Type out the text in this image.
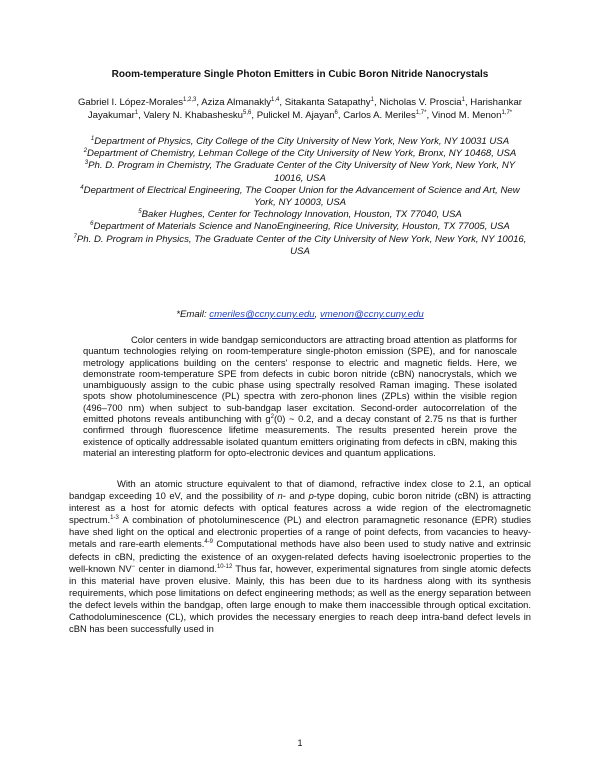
Room-temperature Single Photon Emitters in Cubic Boron Nitride Nanocrystals
Gabriel I. López-Morales$^{1,2,3}$, Aziza Almanakly$^{1,4}$, Sitakanta Satapathy$^1$, Nicholas V. Proscia$^1$, Harishankar Jayakumar$^1$, Valery N. Khabashesku$^{5,6}$, Pulickel M. Ajayan$^6$, Carlos A. Meriles$^{1,7*}$, Vinod M. Menon$^{1,7*}$
$^1$Department of Physics, City College of the City University of New York, New York, NY 10031 USA
$^2$Department of Chemistry, Lehman College of the City University of New York, Bronx, NY 10468, USA
$^3$Ph. D. Program in Chemistry, The Graduate Center of the City University of New York, New York, NY 10016, USA
$^4$Department of Electrical Engineering, The Cooper Union for the Advancement of Science and Art, New York, NY 10003, USA
$^5$Baker Hughes, Center for Technology Innovation, Houston, TX 77040, USA
$^6$Department of Materials Science and NanoEngineering, Rice University, Houston, TX 77005, USA
$^7$Ph. D. Program in Physics, The Graduate Center of the City University of New York, New York, NY 10016, USA
*Email: cmeriles@ccny.cuny.edu, vmenon@ccny.cuny.edu
Color centers in wide bandgap semiconductors are attracting broad attention as platforms for quantum technologies relying on room-temperature single-photon emission (SPE), and for nanoscale metrology applications building on the centers' response to electric and magnetic fields. Here, we demonstrate room-temperature SPE from defects in cubic boron nitride (cBN) nanocrystals, which we unambiguously assign to the cubic phase using spectrally resolved Raman imaging. These isolated spots show photoluminescence (PL) spectra with zero-phonon lines (ZPLs) within the visible region (496–700 nm) when subject to sub-bandgap laser excitation. Second-order autocorrelation of the emitted photons reveals antibunching with $g^2(0)$ ~ 0.2, and a decay constant of 2.75 ns that is further confirmed through fluorescence lifetime measurements. The results presented herein prove the existence of optically addressable isolated quantum emitters originating from defects in cBN, making this material an interesting platform for opto-electronic devices and quantum applications.
With an atomic structure equivalent to that of diamond, refractive index close to 2.1, an optical bandgap exceeding 10 eV, and the possibility of n- and p-type doping, cubic boron nitride (cBN) is attracting interest as a host for atomic defects with optical features across a wide region of the electromagnetic spectrum.$^{1-3}$ A combination of photoluminescence (PL) and electron paramagnetic resonance (EPR) studies have shed light on the optical and electronic properties of a range of point defects, from vacancies to heavy-metals and rare-earth elements.$^{4-9}$ Computational methods have also been used to study native and extrinsic defects in cBN, predicting the existence of an oxygen-related defects having isoelectronic properties to the well-known NV− center in diamond.$^{10-12}$ Thus far, however, experimental signatures from single atomic defects in this material have proven elusive. Mainly, this has been due to its hardness along with its synthesis requirements, which pose limitations on defect engineering methods; as well as the energy separation between the defect levels within the bandgap, often large enough to make them inaccessible through optical excitation. Cathodoluminescence (CL), which provides the necessary energies to reach deep intra-band defect levels in cBN has been successfully used in
1
